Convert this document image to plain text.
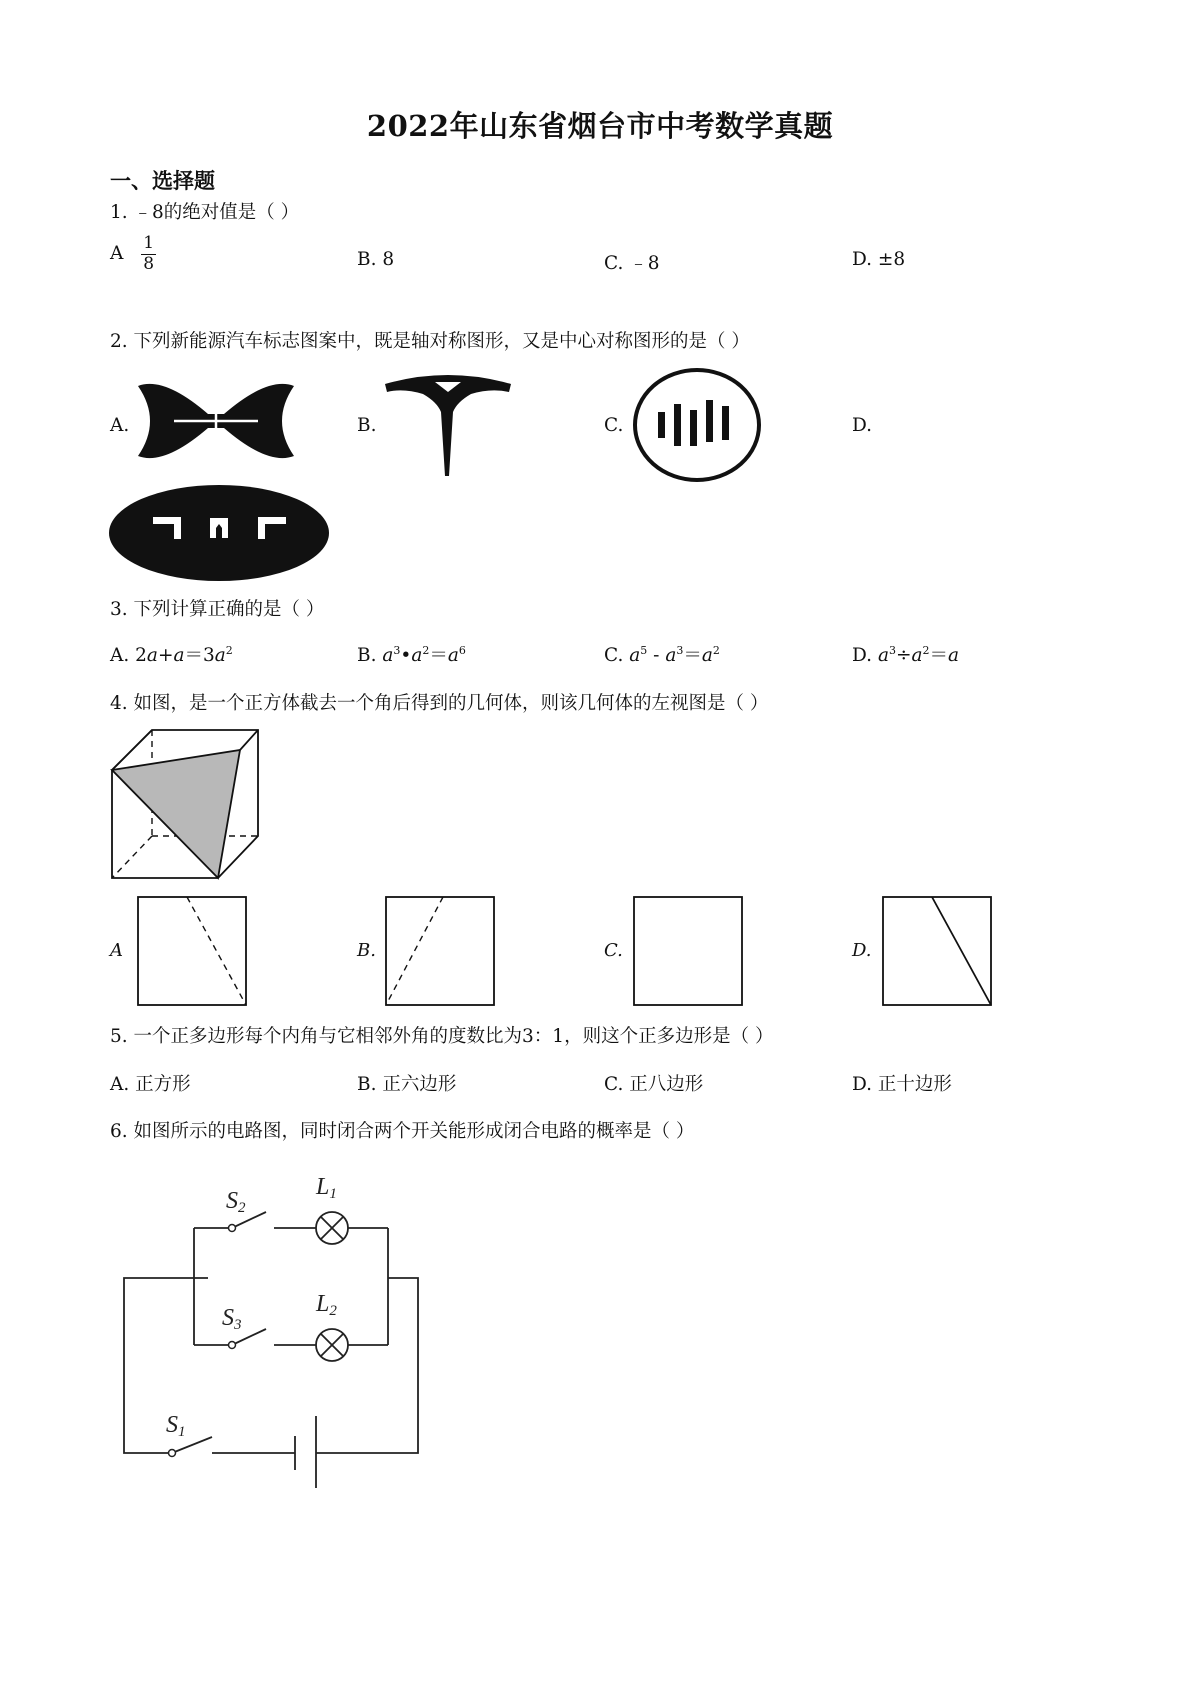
2022年山东省烟台市中考数学真题
一、选择题
1. ﹣8的绝对值是（ ）
A $\frac{1}{8}$	B. 8	C. ﹣8	D. ±8
2. 下列新能源汽车标志图案中，既是轴对称图形，又是中心对称图形的是（ ）
A.	B.	C.	D.
3. 下列计算正确的是（ ）
A. $2a+a=3a^2$	B. $a^3•a^2=a^6$	C. $a^5 - a^3=a^2$	D. $a^3\div a^2=a$
4. 如图，是一个正方体截去一个角后得到的几何体，则该几何体的左视图是（ ）
A	B.	C.	D.
5. 一个正多边形每个内角与它相邻外角的度数比为3：1，则这个正多边形是（ ）
A. 正方形	B. 正六边形	C. 正八边形	D. 正十边形
6. 如图所示的电路图，同时闭合两个开关能形成闭合电路的概率是（ ）
S2
L1
S3
L2
S1
